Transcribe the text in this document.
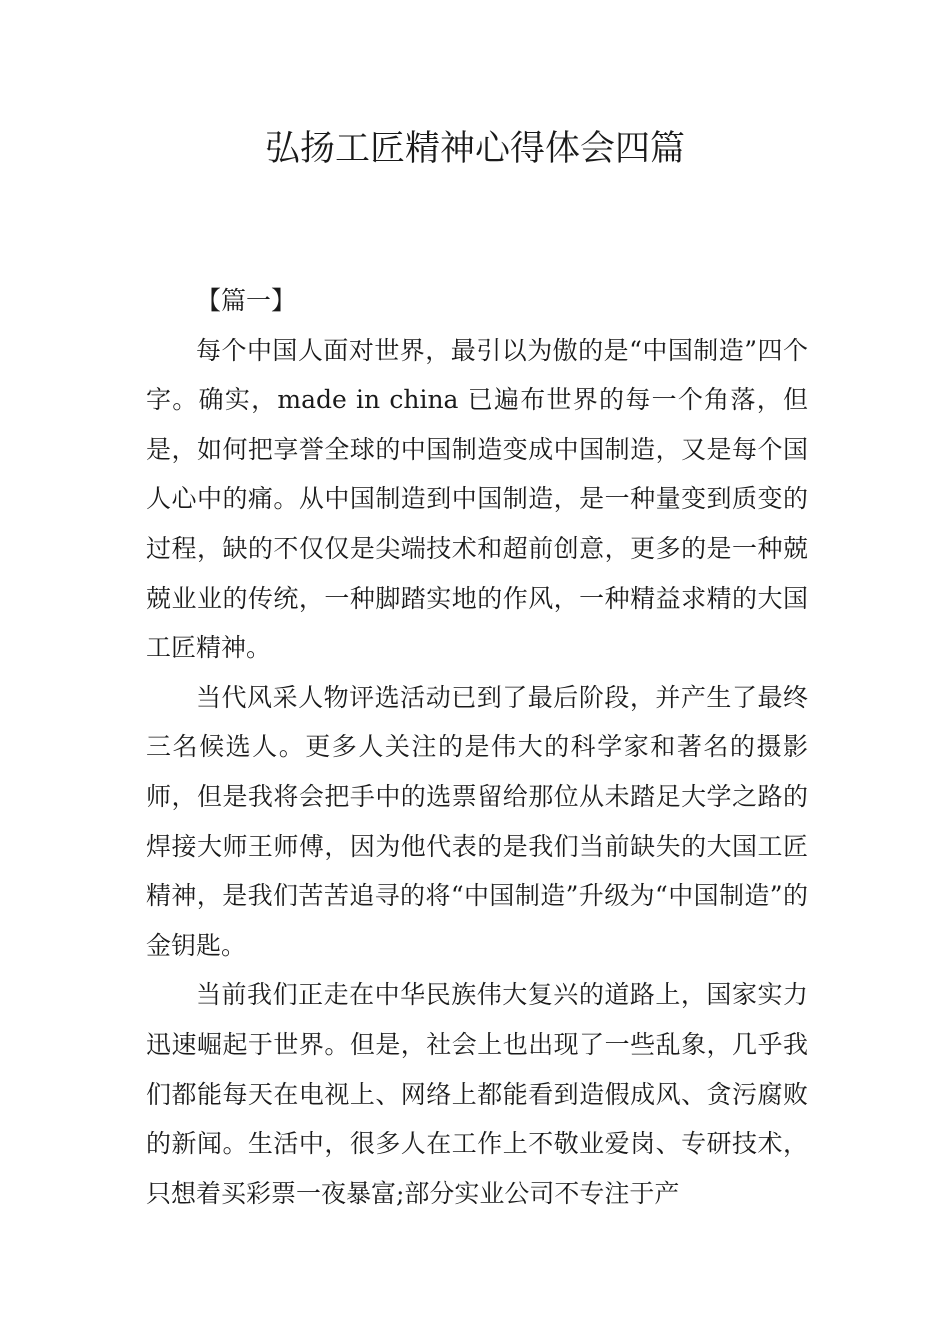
弘扬工匠精神心得体会四篇

【篇一】

每个中国人面对世界，最引以为傲的是“中国制造”四个字。确实，made in china 已遍布世界的每一个角落，但是，如何把享誉全球的中国制造变成中国制造，又是每个国人心中的痛。从中国制造到中国制造，是一种量变到质变的过程，缺的不仅仅是尖端技术和超前创意，更多的是一种兢兢业业的传统，一种脚踏实地的作风，一种精益求精的大国工匠精神。

当代风采人物评选活动已到了最后阶段，并产生了最终三名候选人。更多人关注的是伟大的科学家和著名的摄影师，但是我将会把手中的选票留给那位从未踏足大学之路的焊接大师王师傅，因为他代表的是我们当前缺失的大国工匠精神，是我们苦苦追寻的将“中国制造”升级为“中国制造”的金钥匙。

当前我们正走在中华民族伟大复兴的道路上，国家实力迅速崛起于世界。但是，社会上也出现了一些乱象，几乎我们都能每天在电视上、网络上都能看到造假成风、贪污腐败的新闻。生活中，很多人在工作上不敬业爱岗、专研技术，只想着买彩票一夜暴富;部分实业公司不专注于产
